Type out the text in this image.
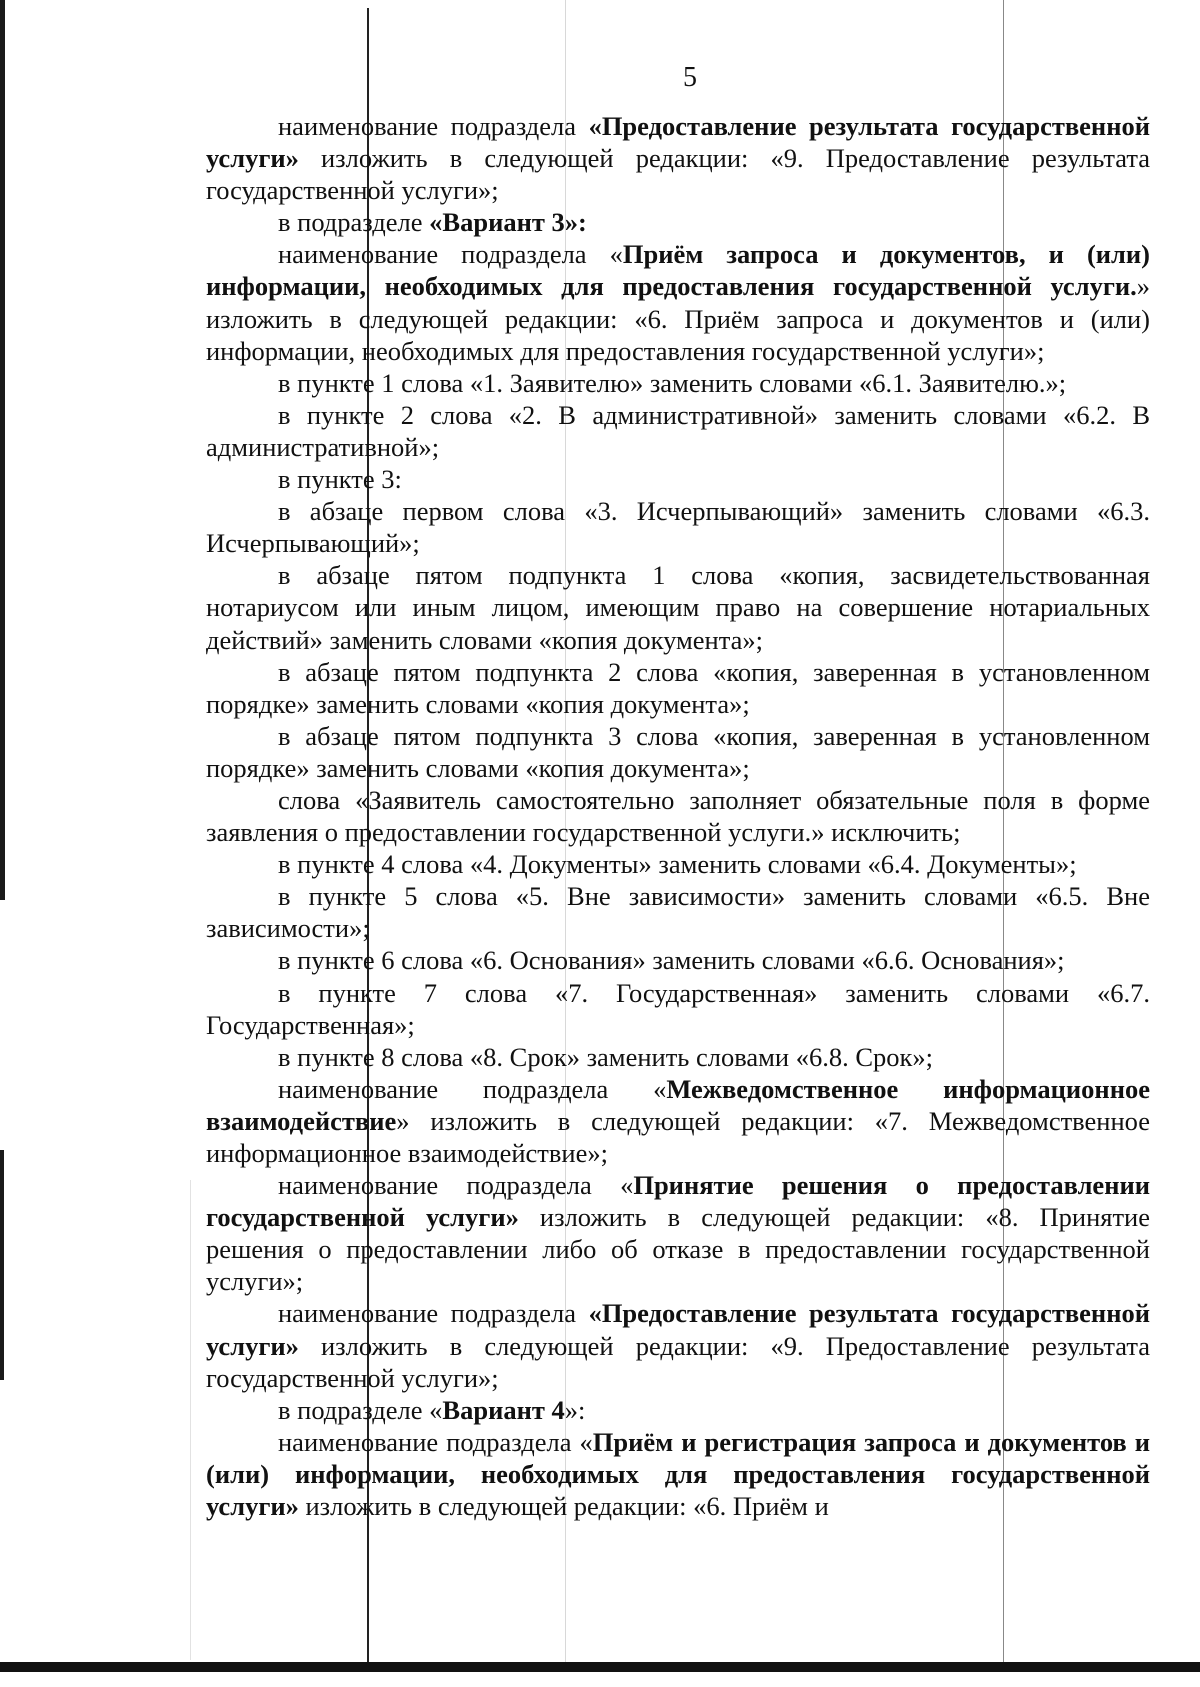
5

наименование подраздела «Предоставление результата государственной услуги» изложить в следующей редакции: «9. Предоставление результата государственной услуги»;

в подразделе «Вариант 3»:

наименование подраздела «Приём запроса и документов, и (или) информации, необходимых для предоставления государственной услуги.» изложить в следующей редакции: «6. Приём запроса и документов и (или) информации, необходимых для предоставления государственной услуги»;

в пункте 1 слова «1. Заявителю» заменить словами «6.1. Заявителю.»;

в пункте 2 слова «2. В административной» заменить словами «6.2. В административной»;

в пункте 3:

в абзаце первом слова «3. Исчерпывающий» заменить словами «6.3. Исчерпывающий»;

в абзаце пятом подпункта 1 слова «копия, засвидетельствованная нотариусом или иным лицом, имеющим право на совершение нотариальных действий» заменить словами «копия документа»;

в абзаце пятом подпункта 2 слова «копия, заверенная в установленном порядке» заменить словами «копия документа»;

в абзаце пятом подпункта 3 слова «копия, заверенная в установленном порядке» заменить словами «копия документа»;

слова «Заявитель самостоятельно заполняет обязательные поля в форме заявления о предоставлении государственной услуги.» исключить;

в пункте 4 слова «4. Документы» заменить словами «6.4. Документы»;

в пункте 5 слова «5. Вне зависимости» заменить словами «6.5. Вне зависимости»;

в пункте 6 слова «6. Основания» заменить словами «6.6. Основания»;

в пункте 7 слова «7. Государственная» заменить словами «6.7. Государственная»;

в пункте 8 слова «8. Срок» заменить словами «6.8. Срок»;

наименование подраздела «Межведомственное информационное взаимодействие» изложить в следующей редакции: «7. Межведомственное информационное взаимодействие»;

наименование подраздела «Принятие решения о предоставлении государственной услуги» изложить в следующей редакции: «8. Принятие решения о предоставлении либо об отказе в предоставлении государственной услуги»;

наименование подраздела «Предоставление результата государственной услуги» изложить в следующей редакции: «9. Предоставление результата государственной услуги»;

в подразделе «Вариант 4»:

наименование подраздела «Приём и регистрация запроса и документов и (или) информации, необходимых для предоставления государственной услуги» изложить в следующей редакции: «6. Приём и
